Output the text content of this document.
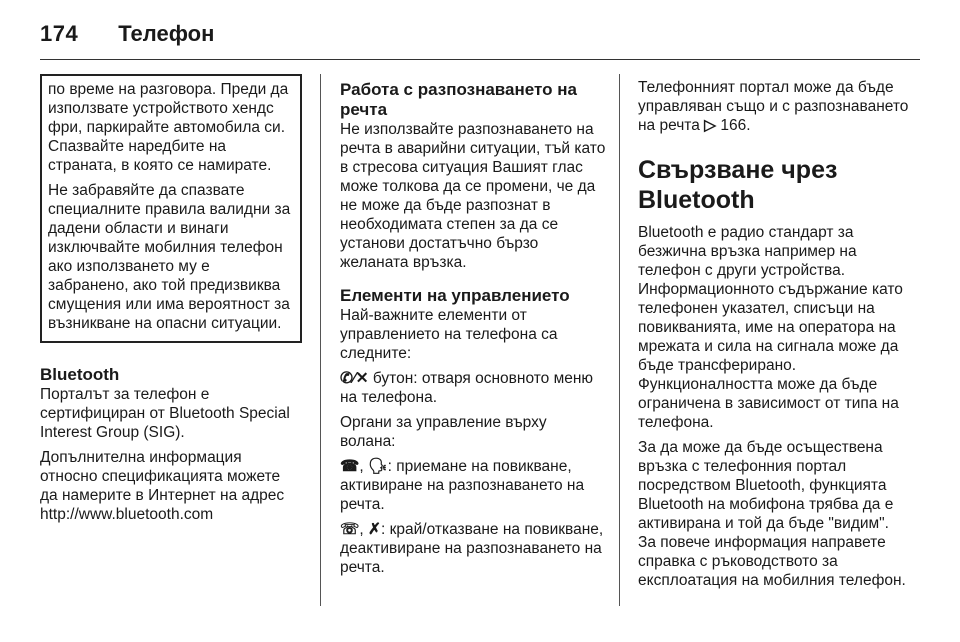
174 Телефон

по време на разговора. Преди да използвате устройството хендс фри, паркирайте автомобила си. Спазвайте наредбите на страната, в която се намирате.

Не забравяйте да спазвате специалните правила валидни за дадени области и винаги изключвайте мобилния телефон ако използването му е забранено, ако той предизвиква смущения или има вероятност за възникване на опасни ситуации.

Bluetooth

Порталът за телефон е сертифициран от Bluetooth Special Interest Group (SIG).

Допълнителна информация относно спецификацията можете да намерите в Интернет на адрес http://www.bluetooth.com

Работа с разпознаването на речта

Не използвайте разпознаването на речта в аварийни ситуации, тъй като в стресова ситуация Вашият глас може толкова да се промени, че да не може да бъде разпознат в необходимата степен за да се установи достатъчно бързо желаната връзка.

Елементи на управлението

Най-важните елементи от управлението на телефона са следните:

✆⁄✕ бутон: отваря основното меню на телефона.

Органи за управление върху волана:

☎, 🗣: приемане на повикване, активиране на разпознаването на речта.

☏, ✗: край/отказване на повикване, деактивиране на разпознаването на речта.

Телефонният портал може да бъде управляван също и с разпознаването на речта ▷ 166.

Свързване чрез Bluetooth

Bluetooth е радио стандарт за безжична връзка например на телефон с други устройства. Информационното съдържание като телефонен указател, списъци на повикванията, име на оператора на мрежата и сила на сигнала може да бъде трансферирано. Функционалността може да бъде ограничена в зависимост от типа на телефона.

За да може да бъде осъществена връзка с телефонния портал посредством Bluetooth, функцията Bluetooth на мобифона трябва да е активирана и той да бъде "видим". За повече информация направете справка с ръководството за експлоатация на мобилния телефон.
